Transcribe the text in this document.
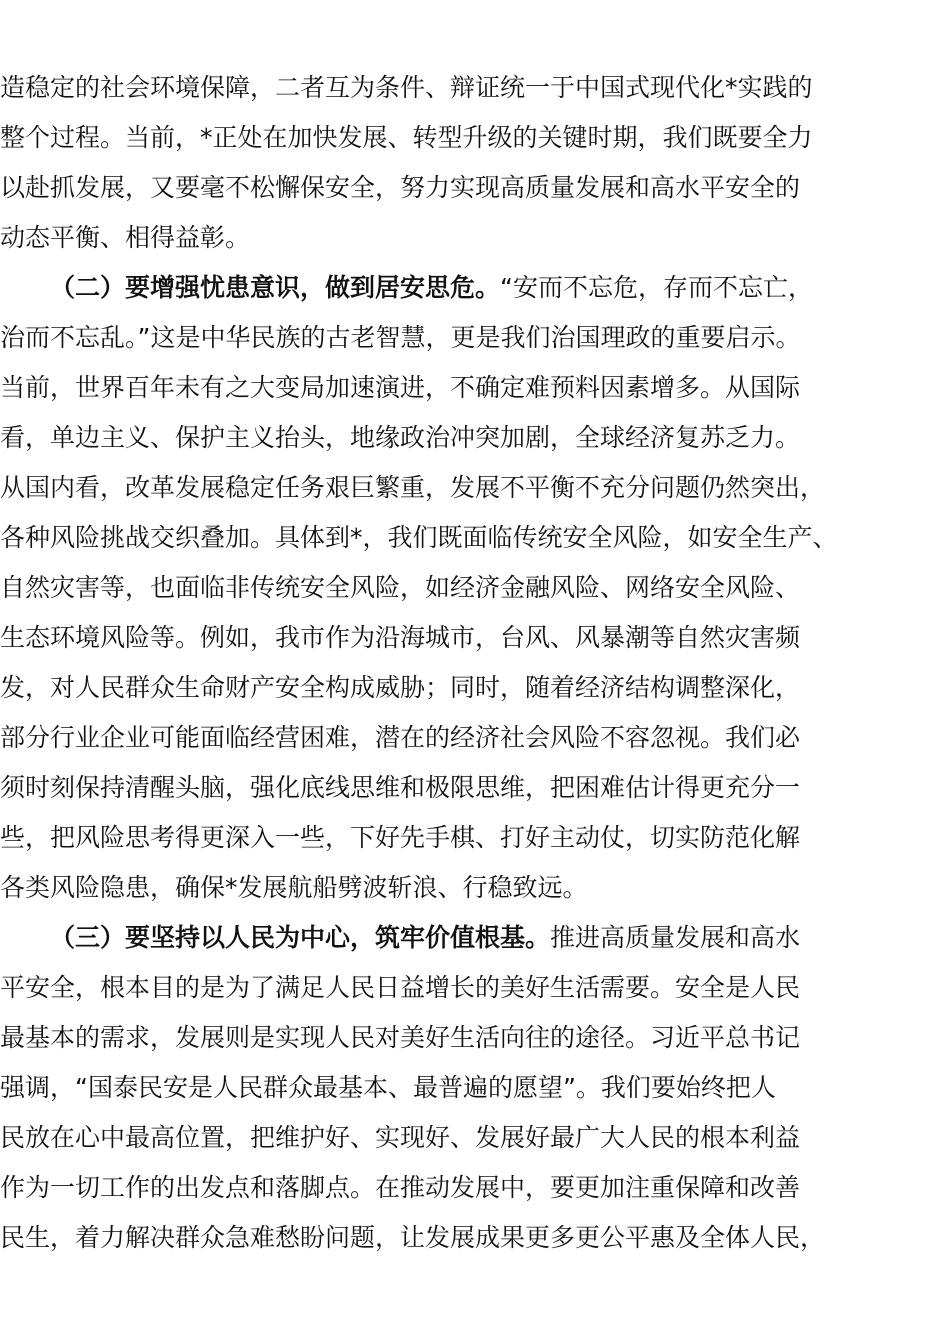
造稳定的社会环境保障，二者互为条件、辩证统一于中国式现代化*实践的
整个过程。当前，*正处在加快发展、转型升级的关键时期，我们既要全力
以赴抓发展，又要毫不松懈保安全，努力实现高质量发展和高水平安全的
动态平衡、相得益彰。
（二）要增强忧患意识，做到居安思危。“安而不忘危，存而不忘亡，
治而不忘乱。”这是中华民族的古老智慧，更是我们治国理政的重要启示。
当前，世界百年未有之大变局加速演进，不确定难预料因素增多。从国际
看，单边主义、保护主义抬头，地缘政治冲突加剧，全球经济复苏乏力。
从国内看，改革发展稳定任务艰巨繁重，发展不平衡不充分问题仍然突出，
各种风险挑战交织叠加。具体到*，我们既面临传统安全风险，如安全生产、
自然灾害等，也面临非传统安全风险，如经济金融风险、网络安全风险、
生态环境风险等。例如，我市作为沿海城市，台风、风暴潮等自然灾害频
发，对人民群众生命财产安全构成威胁；同时，随着经济结构调整深化，
部分行业企业可能面临经营困难，潜在的经济社会风险不容忽视。我们必
须时刻保持清醒头脑，强化底线思维和极限思维，把困难估计得更充分一
些，把风险思考得更深入一些，下好先手棋、打好主动仗，切实防范化解
各类风险隐患，确保*发展航船劈波斩浪、行稳致远。
（三）要坚持以人民为中心，筑牢价值根基。推进高质量发展和高水
平安全，根本目的是为了满足人民日益增长的美好生活需要。安全是人民
最基本的需求，发展则是实现人民对美好生活向往的途径。习近平总书记
强调，“国泰民安是人民群众最基本、最普遍的愿望”。我们要始终把人
民放在心中最高位置，把维护好、实现好、发展好最广大人民的根本利益
作为一切工作的出发点和落脚点。在推动发展中，要更加注重保障和改善
民生，着力解决群众急难愁盼问题，让发展成果更多更公平惠及全体人民，
